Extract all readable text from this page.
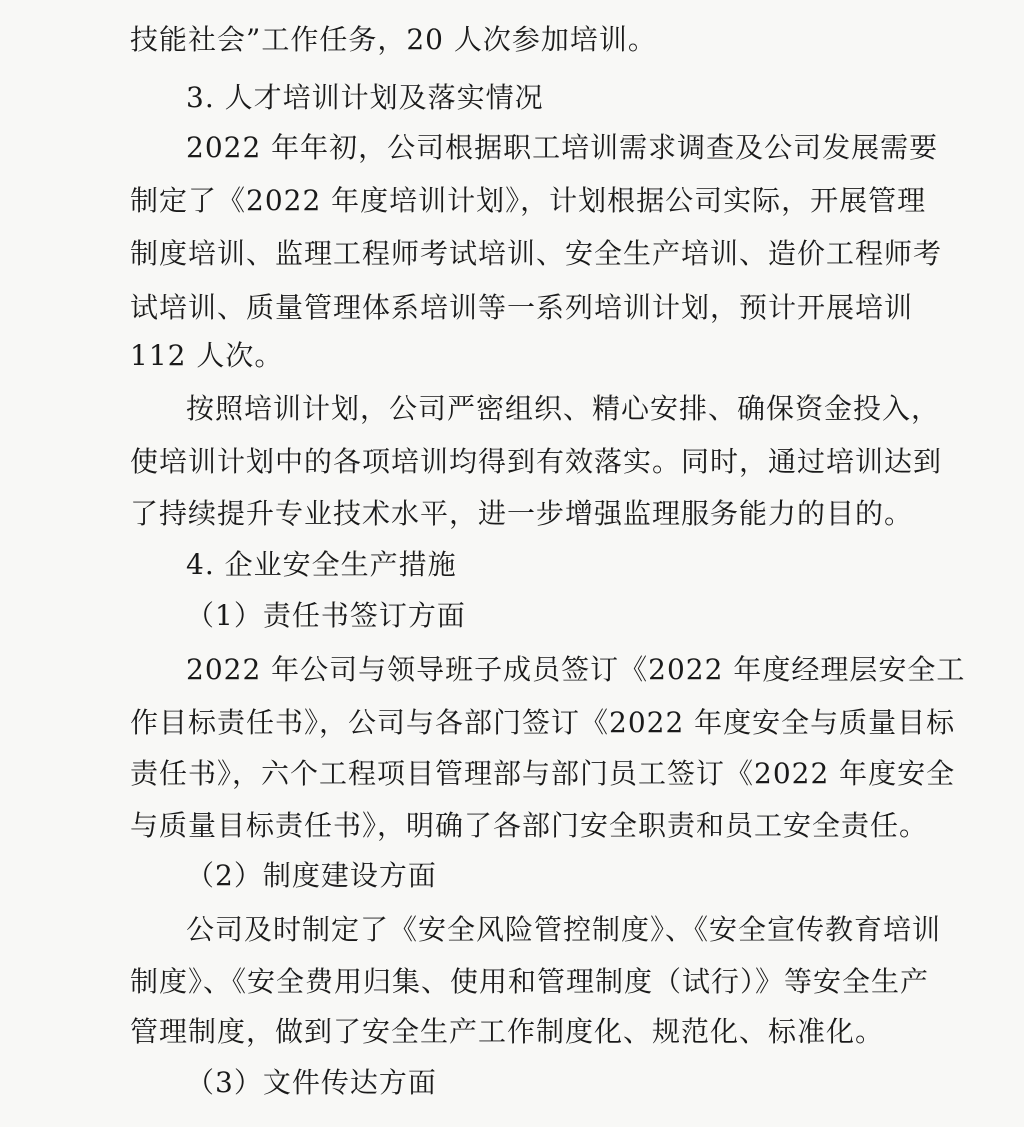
技能社会”工作任务，20 人次参加培训。
3. 人才培训计划及落实情况
2022 年年初，公司根据职工培训需求调查及公司发展需要
制定了《2022 年度培训计划》，计划根据公司实际，开展管理
制度培训、监理工程师考试培训、安全生产培训、造价工程师考
试培训、质量管理体系培训等一系列培训计划，预计开展培训
112 人次。
按照培训计划，公司严密组织、精心安排、确保资金投入，
使培训计划中的各项培训均得到有效落实。同时，通过培训达到
了持续提升专业技术水平，进一步增强监理服务能力的目的。
4. 企业安全生产措施
（1）责任书签订方面
2022 年公司与领导班子成员签订《2022 年度经理层安全工
作目标责任书》，公司与各部门签订《2022 年度安全与质量目标
责任书》，六个工程项目管理部与部门员工签订《2022 年度安全
与质量目标责任书》，明确了各部门安全职责和员工安全责任。
（2）制度建设方面
公司及时制定了《安全风险管控制度》、《安全宣传教育培训
制度》、《安全费用归集、使用和管理制度（试行）》等安全生产
管理制度，做到了安全生产工作制度化、规范化、标准化。
（3）文件传达方面
